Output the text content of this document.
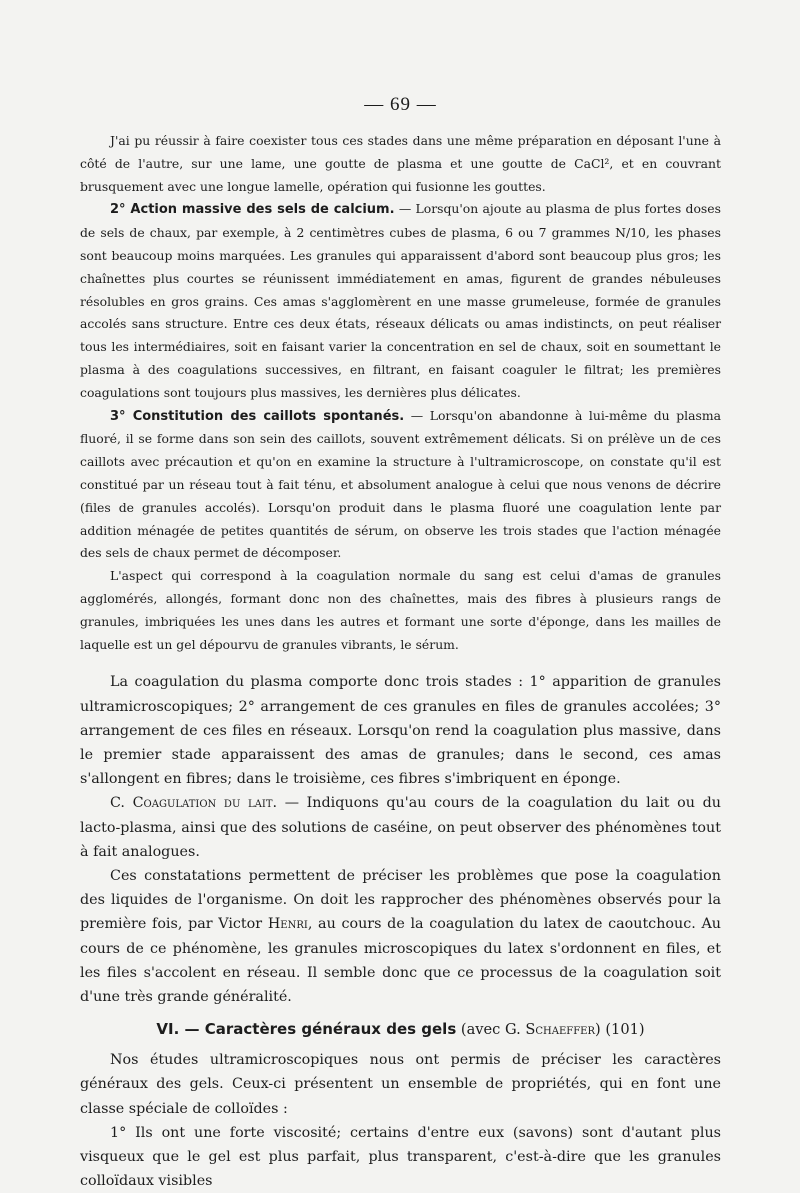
— 69 —

J'ai pu réussir à faire coexister tous ces stades dans une même préparation en déposant l'une à côté de l'autre, sur une lame, une goutte de plasma et une goutte de CaCl², et en couvrant brusquement avec une longue lamelle, opération qui fusionne les gouttes.

2° Action massive des sels de calcium. — Lorsqu'on ajoute au plasma de plus fortes doses de sels de chaux, par exemple, à 2 centimètres cubes de plasma, 6 ou 7 grammes N/10, les phases sont beaucoup moins marquées. Les granules qui apparaissent d'abord sont beaucoup plus gros; les chaînettes plus courtes se réunissent immédiatement en amas, figurent de grandes nébuleuses résolubles en gros grains. Ces amas s'agglomèrent en une masse grumeleuse, formée de granules accolés sans structure. Entre ces deux états, réseaux délicats ou amas indistincts, on peut réaliser tous les intermédiaires, soit en faisant varier la concentration en sel de chaux, soit en soumettant le plasma à des coagulations successives, en filtrant, en faisant coaguler le filtrat; les premières coagulations sont toujours plus massives, les dernières plus délicates.

3° Constitution des caillots spontanés. — Lorsqu'on abandonne à lui-même du plasma fluoré, il se forme dans son sein des caillots, souvent extrêmement délicats. Si on prélève un de ces caillots avec précaution et qu'on en examine la structure à l'ultramicroscope, on constate qu'il est constitué par un réseau tout à fait ténu, et absolument analogue à celui que nous venons de décrire (files de granules accolés). Lorsqu'on produit dans le plasma fluoré une coagulation lente par addition ménagée de petites quantités de sérum, on observe les trois stades que l'action ménagée des sels de chaux permet de décomposer.

L'aspect qui correspond à la coagulation normale du sang est celui d'amas de granules agglomérés, allongés, formant donc non des chaînettes, mais des fibres à plusieurs rangs de granules, imbriquées les unes dans les autres et formant une sorte d'éponge, dans les mailles de laquelle est un gel dépourvu de granules vibrants, le sérum.

La coagulation du plasma comporte donc trois stades : 1° apparition de granules ultramicroscopiques; 2° arrangement de ces granules en files de granules accolées; 3° arrangement de ces files en réseaux. Lorsqu'on rend la coagulation plus massive, dans le premier stade apparaissent des amas de granules; dans le second, ces amas s'allongent en fibres; dans le troisième, ces fibres s'imbriquent en éponge.

C. Coagulation du lait. — Indiquons qu'au cours de la coagulation du lait ou du lacto-plasma, ainsi que des solutions de caséine, on peut observer des phénomènes tout à fait analogues.

Ces constatations permettent de préciser les problèmes que pose la coagulation des liquides de l'organisme. On doit les rapprocher des phénomènes observés pour la première fois, par Victor Henri, au cours de la coagulation du latex de caoutchouc. Au cours de ce phénomène, les granules microscopiques du latex s'ordonnent en files, et les files s'accolent en réseau. Il semble donc que ce processus de la coagulation soit d'une très grande généralité.

VI. — Caractères généraux des gels (avec G. Schaeffer) (101)

Nos études ultramicroscopiques nous ont permis de préciser les caractères généraux des gels. Ceux-ci présentent un ensemble de propriétés, qui en font une classe spéciale de colloïdes :

1° Ils ont une forte viscosité; certains d'entre eux (savons) sont d'autant plus visqueux que le gel est plus parfait, plus transparent, c'est-à-dire que les granules colloïdaux visibles
